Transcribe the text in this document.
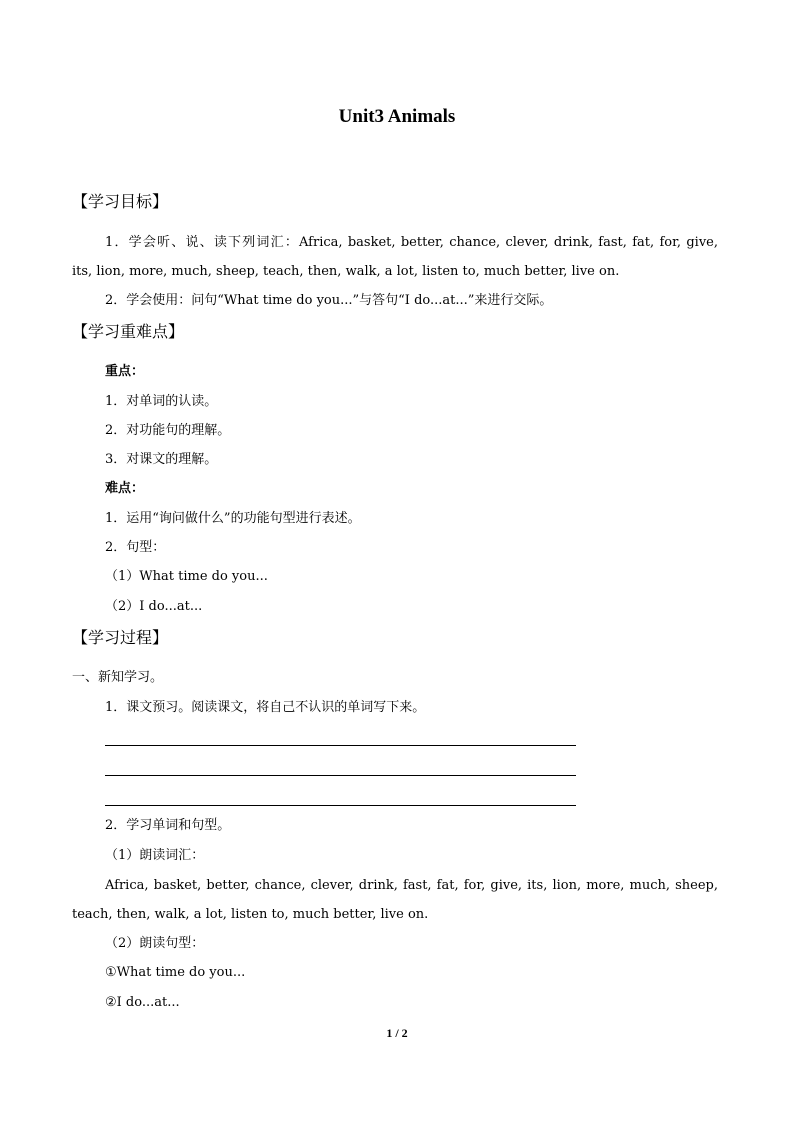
Unit3 Animals
【学习目标】
1．学会听、说、读下列词汇：Africa, basket, better, chance, clever, drink, fast, fat, for, give,
its, lion, more, much, sheep, teach, then, walk, a lot, listen to, much better, live on.
2．学会使用：问句“What time do you...”与答句“I do...at...”来进行交际。
【学习重难点】
重点：
1．对单词的认读。
2．对功能句的理解。
3．对课文的理解。
难点：
1．运用“询问做什么”的功能句型进行表述。
2．句型：
（1）What time do you...
（2）I do...at...
【学习过程】
一、新知学习。
1．课文预习。阅读课文，将自己不认识的单词写下来。
2．学习单词和句型。
（1）朗读词汇：
Africa, basket, better, chance, clever, drink, fast, fat, for, give, its, lion, more, much, sheep,
teach, then, walk, a lot, listen to, much better, live on.
（2）朗读句型：
①What time do you...
②I do...at...
1 / 2
